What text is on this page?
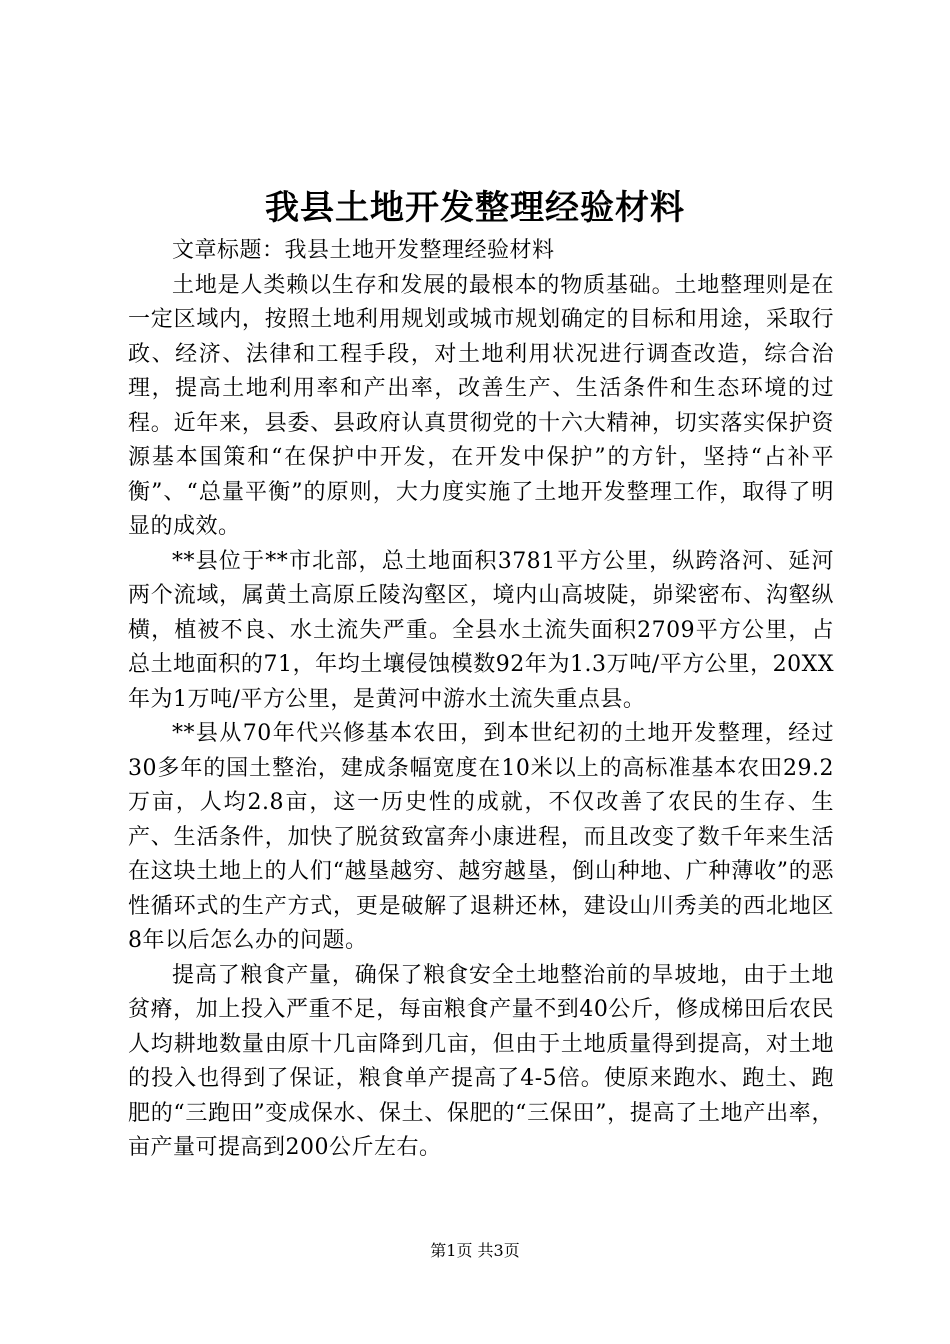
我县土地开发整理经验材料

文章标题：我县土地开发整理经验材料

土地是人类赖以生存和发展的最根本的物质基础。土地整理则是在一定区域内，按照土地利用规划或城市规划确定的目标和用途，采取行政、经济、法律和工程手段，对土地利用状况进行调查改造，综合治理，提高土地利用率和产出率，改善生产、生活条件和生态环境的过程。近年来，县委、县政府认真贯彻党的十六大精神，切实落实保护资源基本国策和“在保护中开发，在开发中保护”的方针，坚持“占补平衡”、“总量平衡”的原则，大力度实施了土地开发整理工作，取得了明显的成效。

**县位于**市北部，总土地面积3781平方公里，纵跨洛河、延河两个流域，属黄土高原丘陵沟壑区，境内山高坡陡，峁梁密布、沟壑纵横，植被不良、水土流失严重。全县水土流失面积2709平方公里，占总土地面积的71，年均土壤侵蚀模数92年为1.3万吨/平方公里，20XX年为1万吨/平方公里，是黄河中游水土流失重点县。

**县从70年代兴修基本农田，到本世纪初的土地开发整理，经过30多年的国土整治，建成条幅宽度在10米以上的高标准基本农田29.2万亩，人均2.8亩，这一历史性的成就，不仅改善了农民的生存、生产、生活条件，加快了脱贫致富奔小康进程，而且改变了数千年来生活在这块土地上的人们“越垦越穷、越穷越垦，倒山种地、广种薄收”的恶性循环式的生产方式，更是破解了退耕还林，建设山川秀美的西北地区8年以后怎么办的问题。

提高了粮食产量，确保了粮食安全土地整治前的旱坡地，由于土地贫瘠，加上投入严重不足，每亩粮食产量不到40公斤，修成梯田后农民人均耕地数量由原十几亩降到几亩，但由于土地质量得到提高，对土地的投入也得到了保证，粮食单产提高了4-5倍。使原来跑水、跑土、跑肥的“三跑田”变成保水、保土、保肥的“三保田”，提高了土地产出率，亩产量可提高到200公斤左右。

第1页 共3页
